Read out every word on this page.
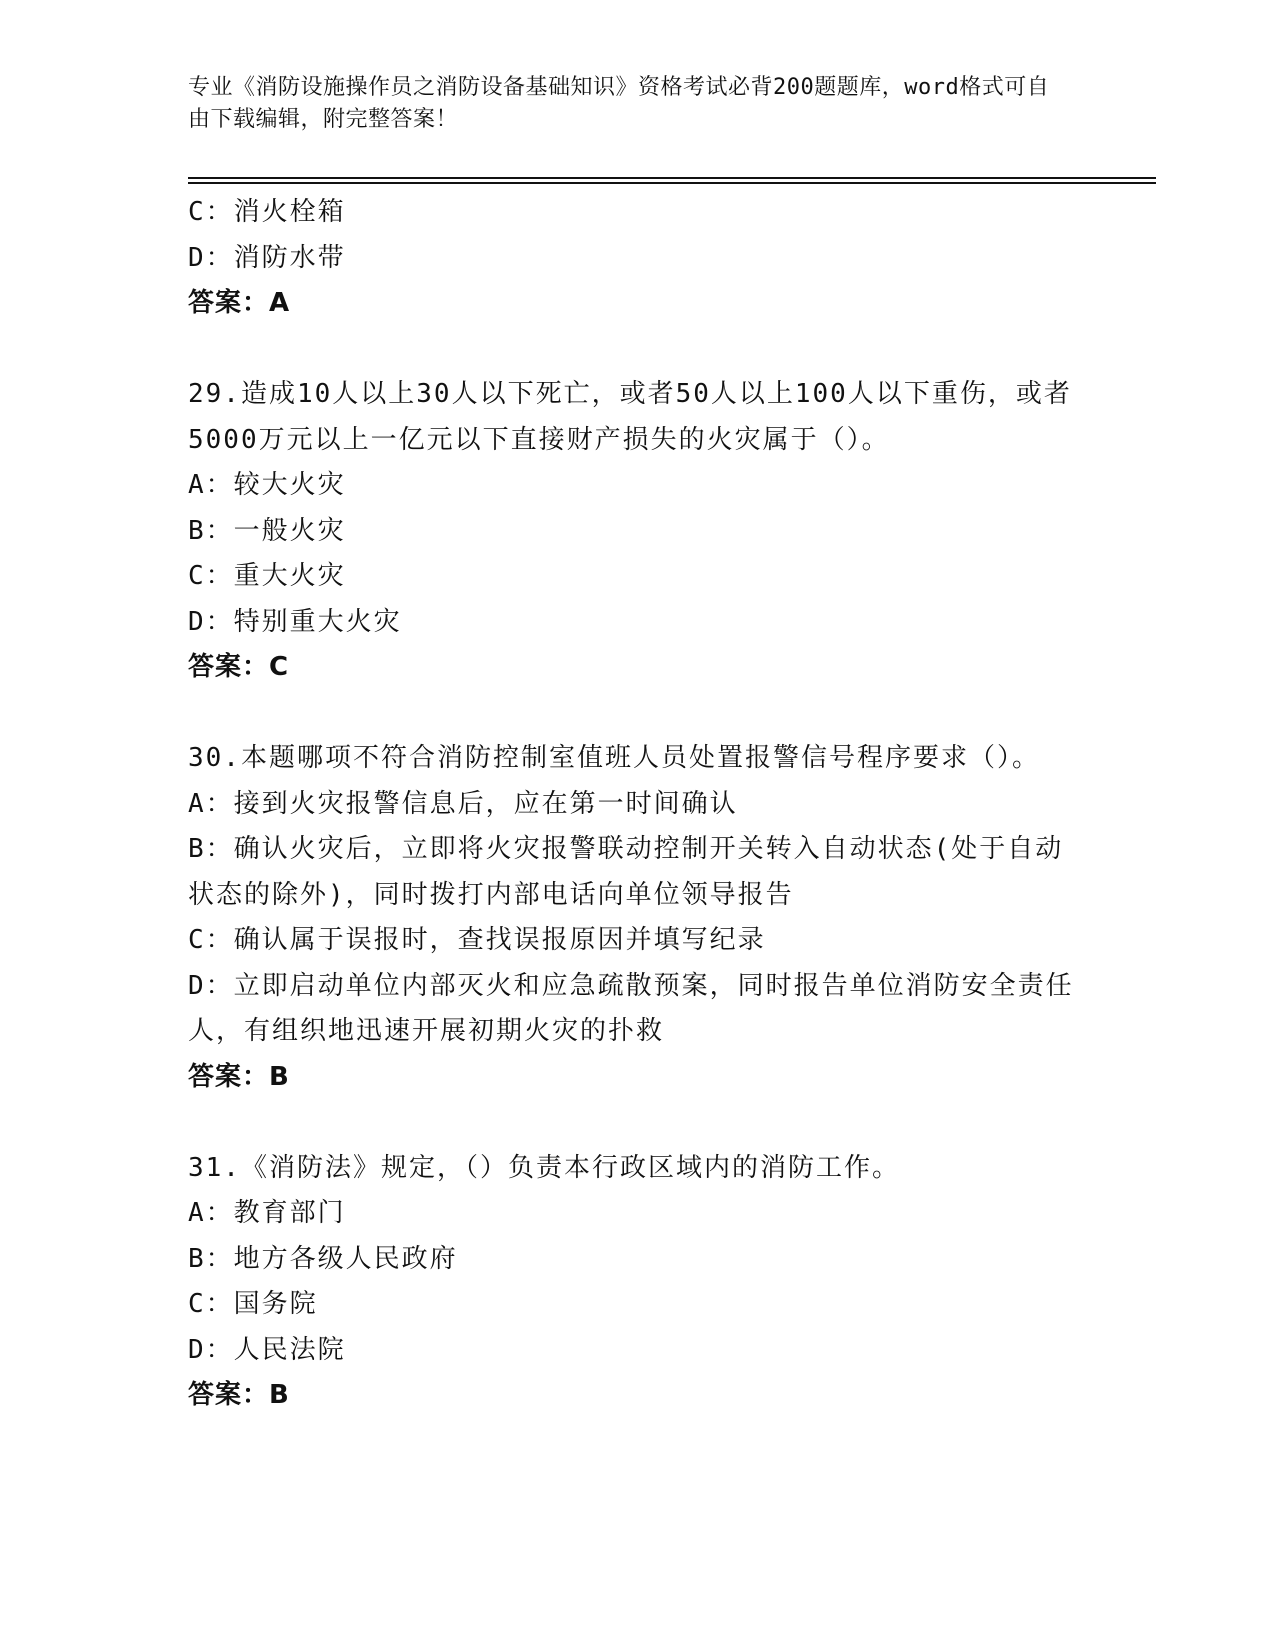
专业《消防设施操作员之消防设备基础知识》资格考试必背200题题库，word格式可自由下载编辑，附完整答案！
C：消火栓箱
D：消防水带
答案：A
29.造成10人以上30人以下死亡，或者50人以上100人以下重伤，或者5000万元以上一亿元以下直接财产损失的火灾属于（）。
A：较大火灾
B：一般火灾
C：重大火灾
D：特别重大火灾
答案：C
30.本题哪项不符合消防控制室值班人员处置报警信号程序要求（）。
A：接到火灾报警信息后，应在第一时间确认
B：确认火灾后，立即将火灾报警联动控制开关转入自动状态(处于自动状态的除外)，同时拨打内部电话向单位领导报告
C：确认属于误报时，查找误报原因并填写纪录
D：立即启动单位内部灭火和应急疏散预案，同时报告单位消防安全责任人，有组织地迅速开展初期火灾的扑救
答案：B
31.《消防法》规定，（）负责本行政区域内的消防工作。
A：教育部门
B：地方各级人民政府
C：国务院
D：人民法院
答案：B
